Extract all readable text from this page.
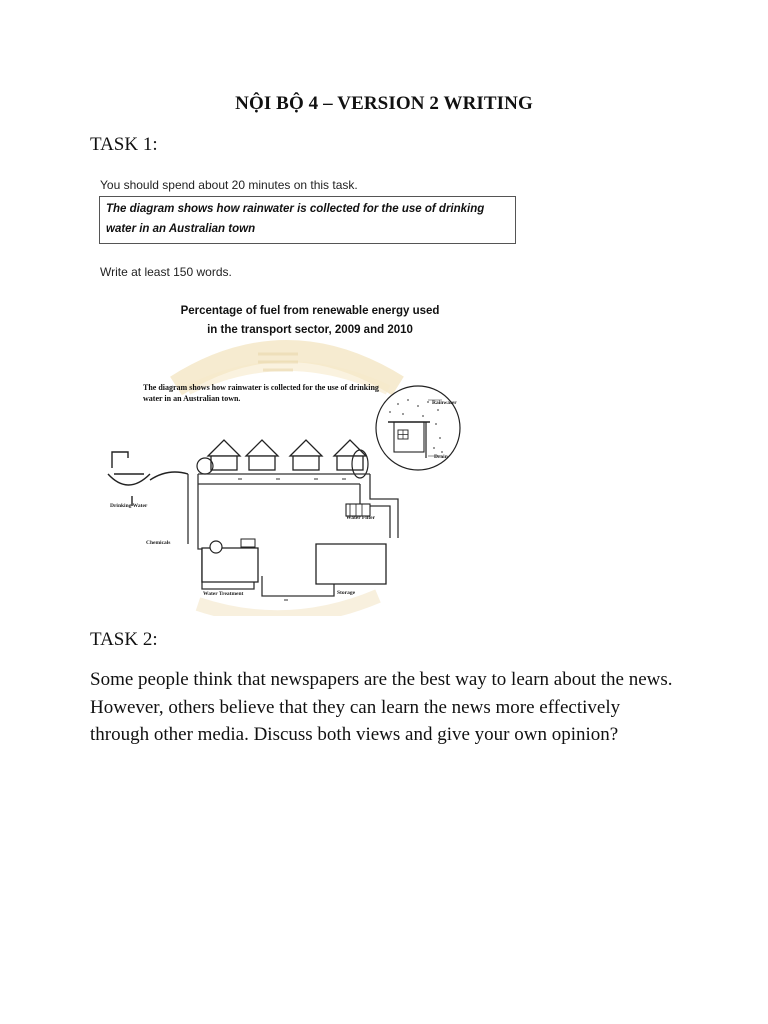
NỘI BỘ 4 – VERSION 2 WRITING
TASK 1:
You should spend about 20 minutes on this task.
The diagram shows how rainwater is collected for the use of drinking water in an Australian town
Write at least 150 words.
Percentage of fuel from renewable energy used
in the transport sector, 2009 and 2010
The diagram shows how rainwater is collected for the use of drinking water in an Australian town.	Rainwater
Drain
Drinking Water
Water Filter
Chemicals
Water Treatment	Storage
TASK 2:
Some people think that newspapers are the best way to learn about the news. However, others believe that they can learn the news more effectively through other media. Discuss both views and give your own opinion?
